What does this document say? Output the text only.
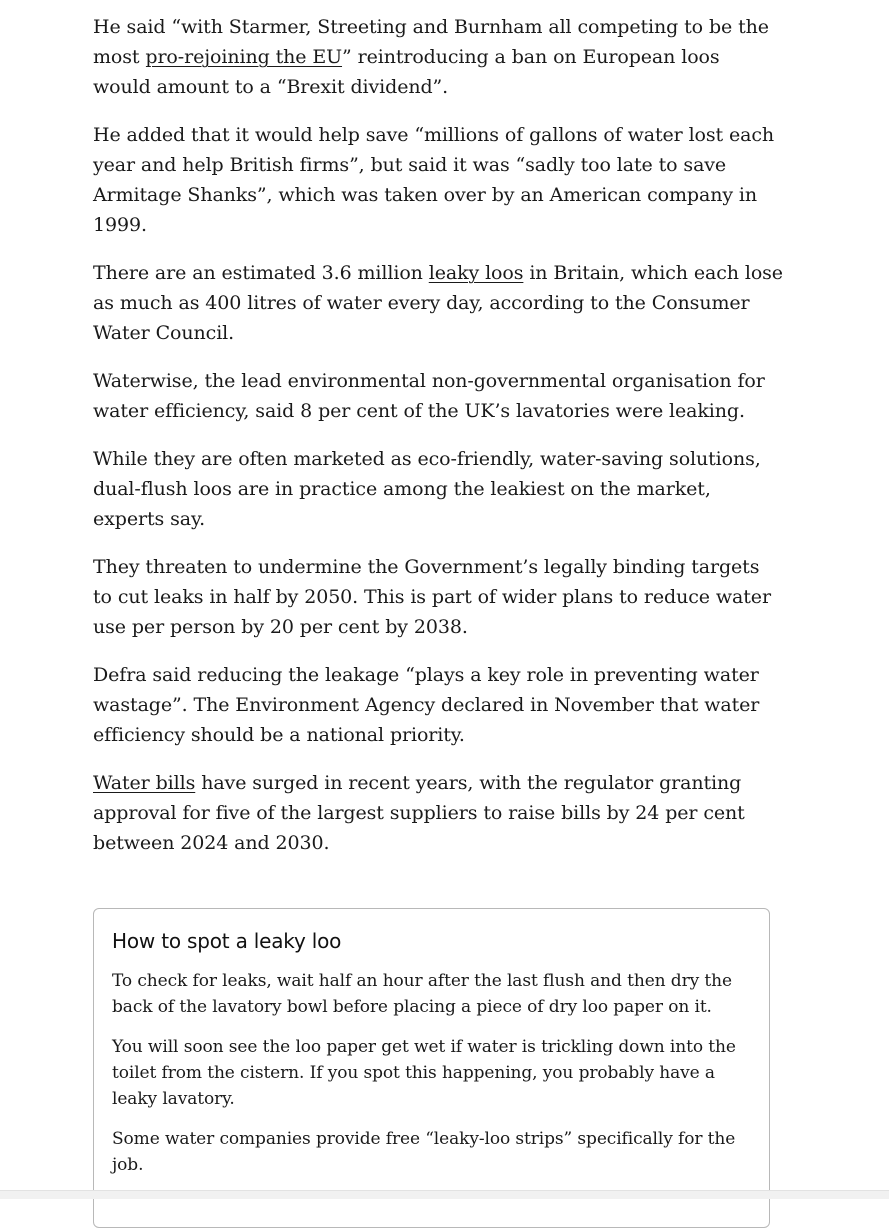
He said “with Starmer, Streeting and Burnham all competing to be the most pro-rejoining the EU” reintroducing a ban on European loos would amount to a “Brexit dividend”.

He added that it would help save “millions of gallons of water lost each year and help British firms”, but said it was “sadly too late to save Armitage Shanks”, which was taken over by an American company in 1999.

There are an estimated 3.6 million leaky loos in Britain, which each lose as much as 400 litres of water every day, according to the Consumer Water Council.

Waterwise, the lead environmental non-governmental organisation for water efficiency, said 8 per cent of the UK’s lavatories were leaking.

While they are often marketed as eco-friendly, water-saving solutions, dual-flush loos are in practice among the leakiest on the market, experts say.

They threaten to undermine the Government’s legally binding targets to cut leaks in half by 2050. This is part of wider plans to reduce water use per person by 20 per cent by 2038.

Defra said reducing the leakage “plays a key role in preventing water wastage”. The Environment Agency declared in November that water efficiency should be a national priority.

Water bills have surged in recent years, with the regulator granting approval for five of the largest suppliers to raise bills by 24 per cent between 2024 and 2030.

How to spot a leaky loo

To check for leaks, wait half an hour after the last flush and then dry the back of the lavatory bowl before placing a piece of dry loo paper on it.

You will soon see the loo paper get wet if water is trickling down into the toilet from the cistern. If you spot this happening, you probably have a leaky lavatory.

Some water companies provide free “leaky-loo strips” specifically for the job.
